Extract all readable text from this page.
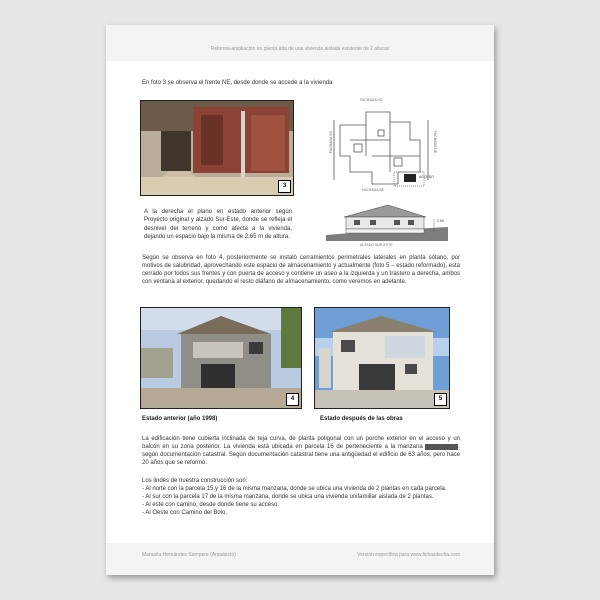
Reforma-ampliación en planta alta de una vivienda aislada existente de 2 alturas
En foto 3 se observa el frente NE, desde donde se accede a la vivienda
3
FACHADA NO
FACHADA SE
FACHADA SO	FACHADA NE
ACCESO
A la derecha el plano en estado anterior según Proyecto original y alzado Sur-Este, donde se refleja el desnivel del terreno y como afecta a la vivienda, dejando un espacio bajo la misma de 2,65 m de altura.
2,65
ALZADO SUR-ESTE
Según se observa en foto 4, posteriormente se instaló cerramientos perimetrales laterales en planta sótano, por motivos de salubridad, aprovechando este espacio de almacenamiento y actualmente (foto 5 – estado reformado), está cerrado por todos sus frentes y con puerta de acceso y contiene un aseo a la izquierda y un trastero a derecha, ambos con ventana al exterior, quedando el resto diáfano de almacenamiento, como veremos en adelante.
4	5
Estado anterior (año 1998)	Estado después de las obras
La edificación tiene cubierta inclinada de teja curva, de planta poligonal con un porche exterior en el acceso y un balcón en su zona posterior. La vivienda está ubicada en parcela 16 de perteneciente a la manzana xxxxxxxxxxx, según documentación catastral. Según documentación catastral tiene una antigüedad el edificio de 63 años, pero hace 20 años que se reformó.
Los lindes de nuestra construcción son:
- Al norte con la parcela 15 y 16 de la misma manzana, donde se ubica una vivienda de 2 plantas en cada parcela.
- Al sur con la parcela 17 de la misma manzana, donde se ubica una vivienda unifamiliar aislada de 2 plantas.
- Al este con camino, desde donde tiene su acceso.
- Al Oeste con Camino del Bolo.
Manuela Hernández Sampere (Arquitecto)	Versión específica para www.fichasdecha.com
